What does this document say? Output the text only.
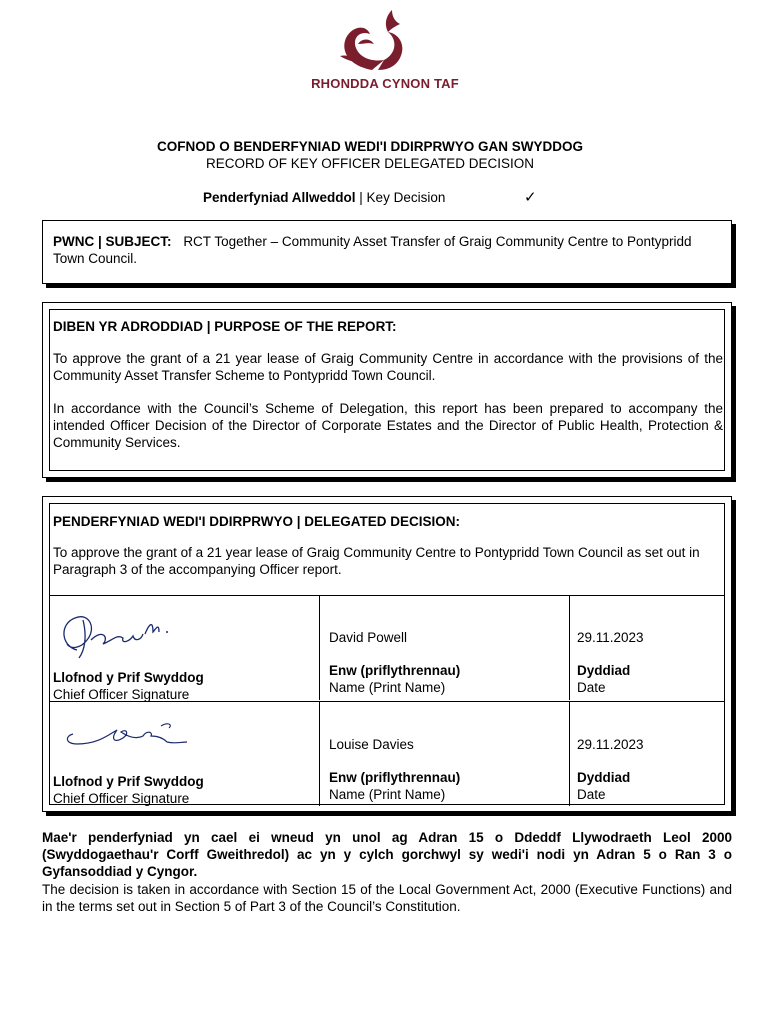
RHONDDA CYNON TAF
COFNOD O BENDERFYNIAD WEDI'I DDIRPRWYO GAN SWYDDOG
RECORD OF KEY OFFICER DELEGATED DECISION
Penderfyniad Allweddol | Key Decision	✓
PWNC | SUBJECT: RCT Together – Community Asset Transfer of Graig Community Centre to Pontypridd Town Council.
DIBEN YR ADRODDIAD | PURPOSE OF THE REPORT:
To approve the grant of a 21 year lease of Graig Community Centre in accordance with the provisions of the Community Asset Transfer Scheme to Pontypridd Town Council.
In accordance with the Council’s Scheme of Delegation, this report has been prepared to accompany the intended Officer Decision of the Director of Corporate Estates and the Director of Public Health, Protection & Community Services.
PENDERFYNIAD WEDI'I DDIRPRWYO | DELEGATED DECISION:
To approve the grant of a 21 year lease of Graig Community Centre to Pontypridd Town Council as set out in Paragraph 3 of the accompanying Officer report.
Llofnod y Prif Swyddog
Chief Officer Signature
David Powell
Enw (priflythrennau)
Name (Print Name)
29.11.2023
Dyddiad
Date
Llofnod y Prif Swyddog
Chief Officer Signature
Louise Davies
Enw (priflythrennau)
Name (Print Name)
29.11.2023
Dyddiad
Date
Mae'r penderfyniad yn cael ei wneud yn unol ag Adran 15 o Ddeddf Llywodraeth Leol 2000 (Swyddogaethau'r Corff Gweithredol) ac yn y cylch gorchwyl sy wedi'i nodi yn Adran 5 o Ran 3 o Gyfansoddiad y Cyngor.
The decision is taken in accordance with Section 15 of the Local Government Act, 2000 (Executive Functions) and in the terms set out in Section 5 of Part 3 of the Council’s Constitution.
